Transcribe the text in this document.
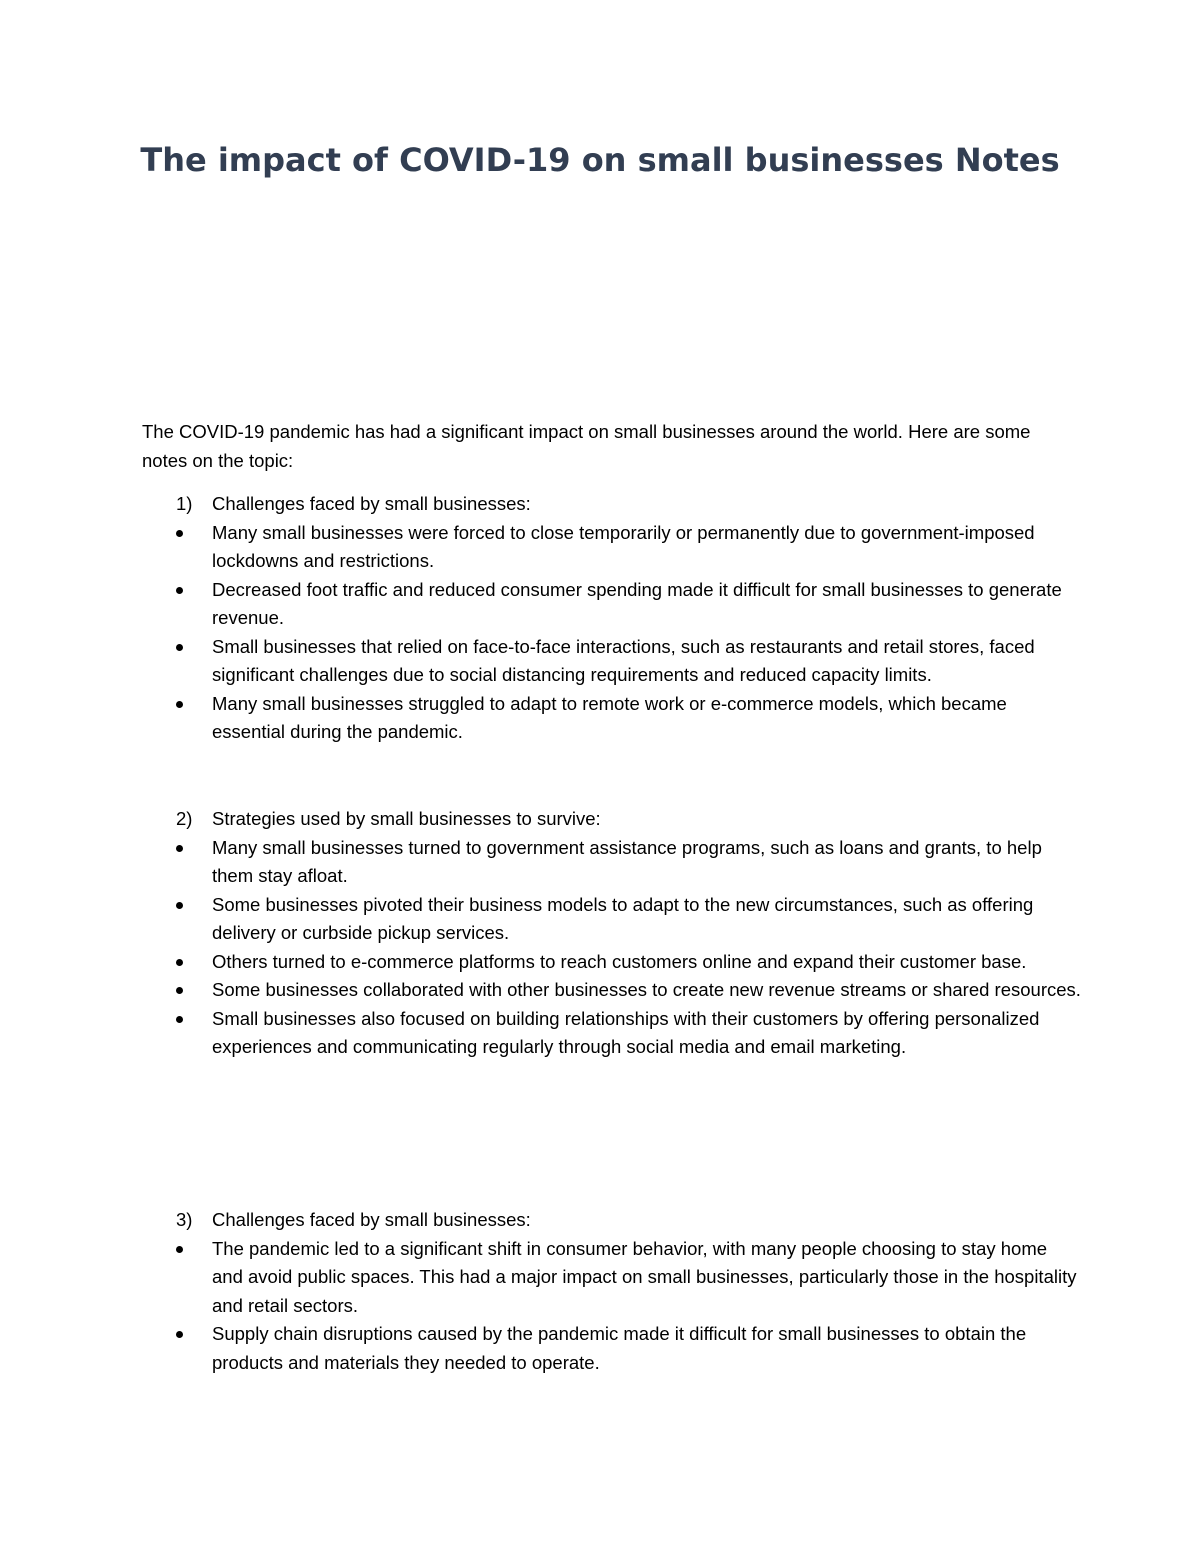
The impact of COVID-19 on small businesses Notes

The COVID-19 pandemic has had a significant impact on small businesses around the world. Here are some notes on the topic:

1) Challenges faced by small businesses:
Many small businesses were forced to close temporarily or permanently due to government-imposed lockdowns and restrictions.
Decreased foot traffic and reduced consumer spending made it difficult for small businesses to generate revenue.
Small businesses that relied on face-to-face interactions, such as restaurants and retail stores, faced significant challenges due to social distancing requirements and reduced capacity limits.
Many small businesses struggled to adapt to remote work or e-commerce models, which became essential during the pandemic.
2) Strategies used by small businesses to survive:
Many small businesses turned to government assistance programs, such as loans and grants, to help them stay afloat.
Some businesses pivoted their business models to adapt to the new circumstances, such as offering delivery or curbside pickup services.
Others turned to e-commerce platforms to reach customers online and expand their customer base.
Some businesses collaborated with other businesses to create new revenue streams or shared resources.
Small businesses also focused on building relationships with their customers by offering personalized experiences and communicating regularly through social media and email marketing.
3) Challenges faced by small businesses:
The pandemic led to a significant shift in consumer behavior, with many people choosing to stay home and avoid public spaces. This had a major impact on small businesses, particularly those in the hospitality and retail sectors.
Supply chain disruptions caused by the pandemic made it difficult for small businesses to obtain the products and materials they needed to operate.
